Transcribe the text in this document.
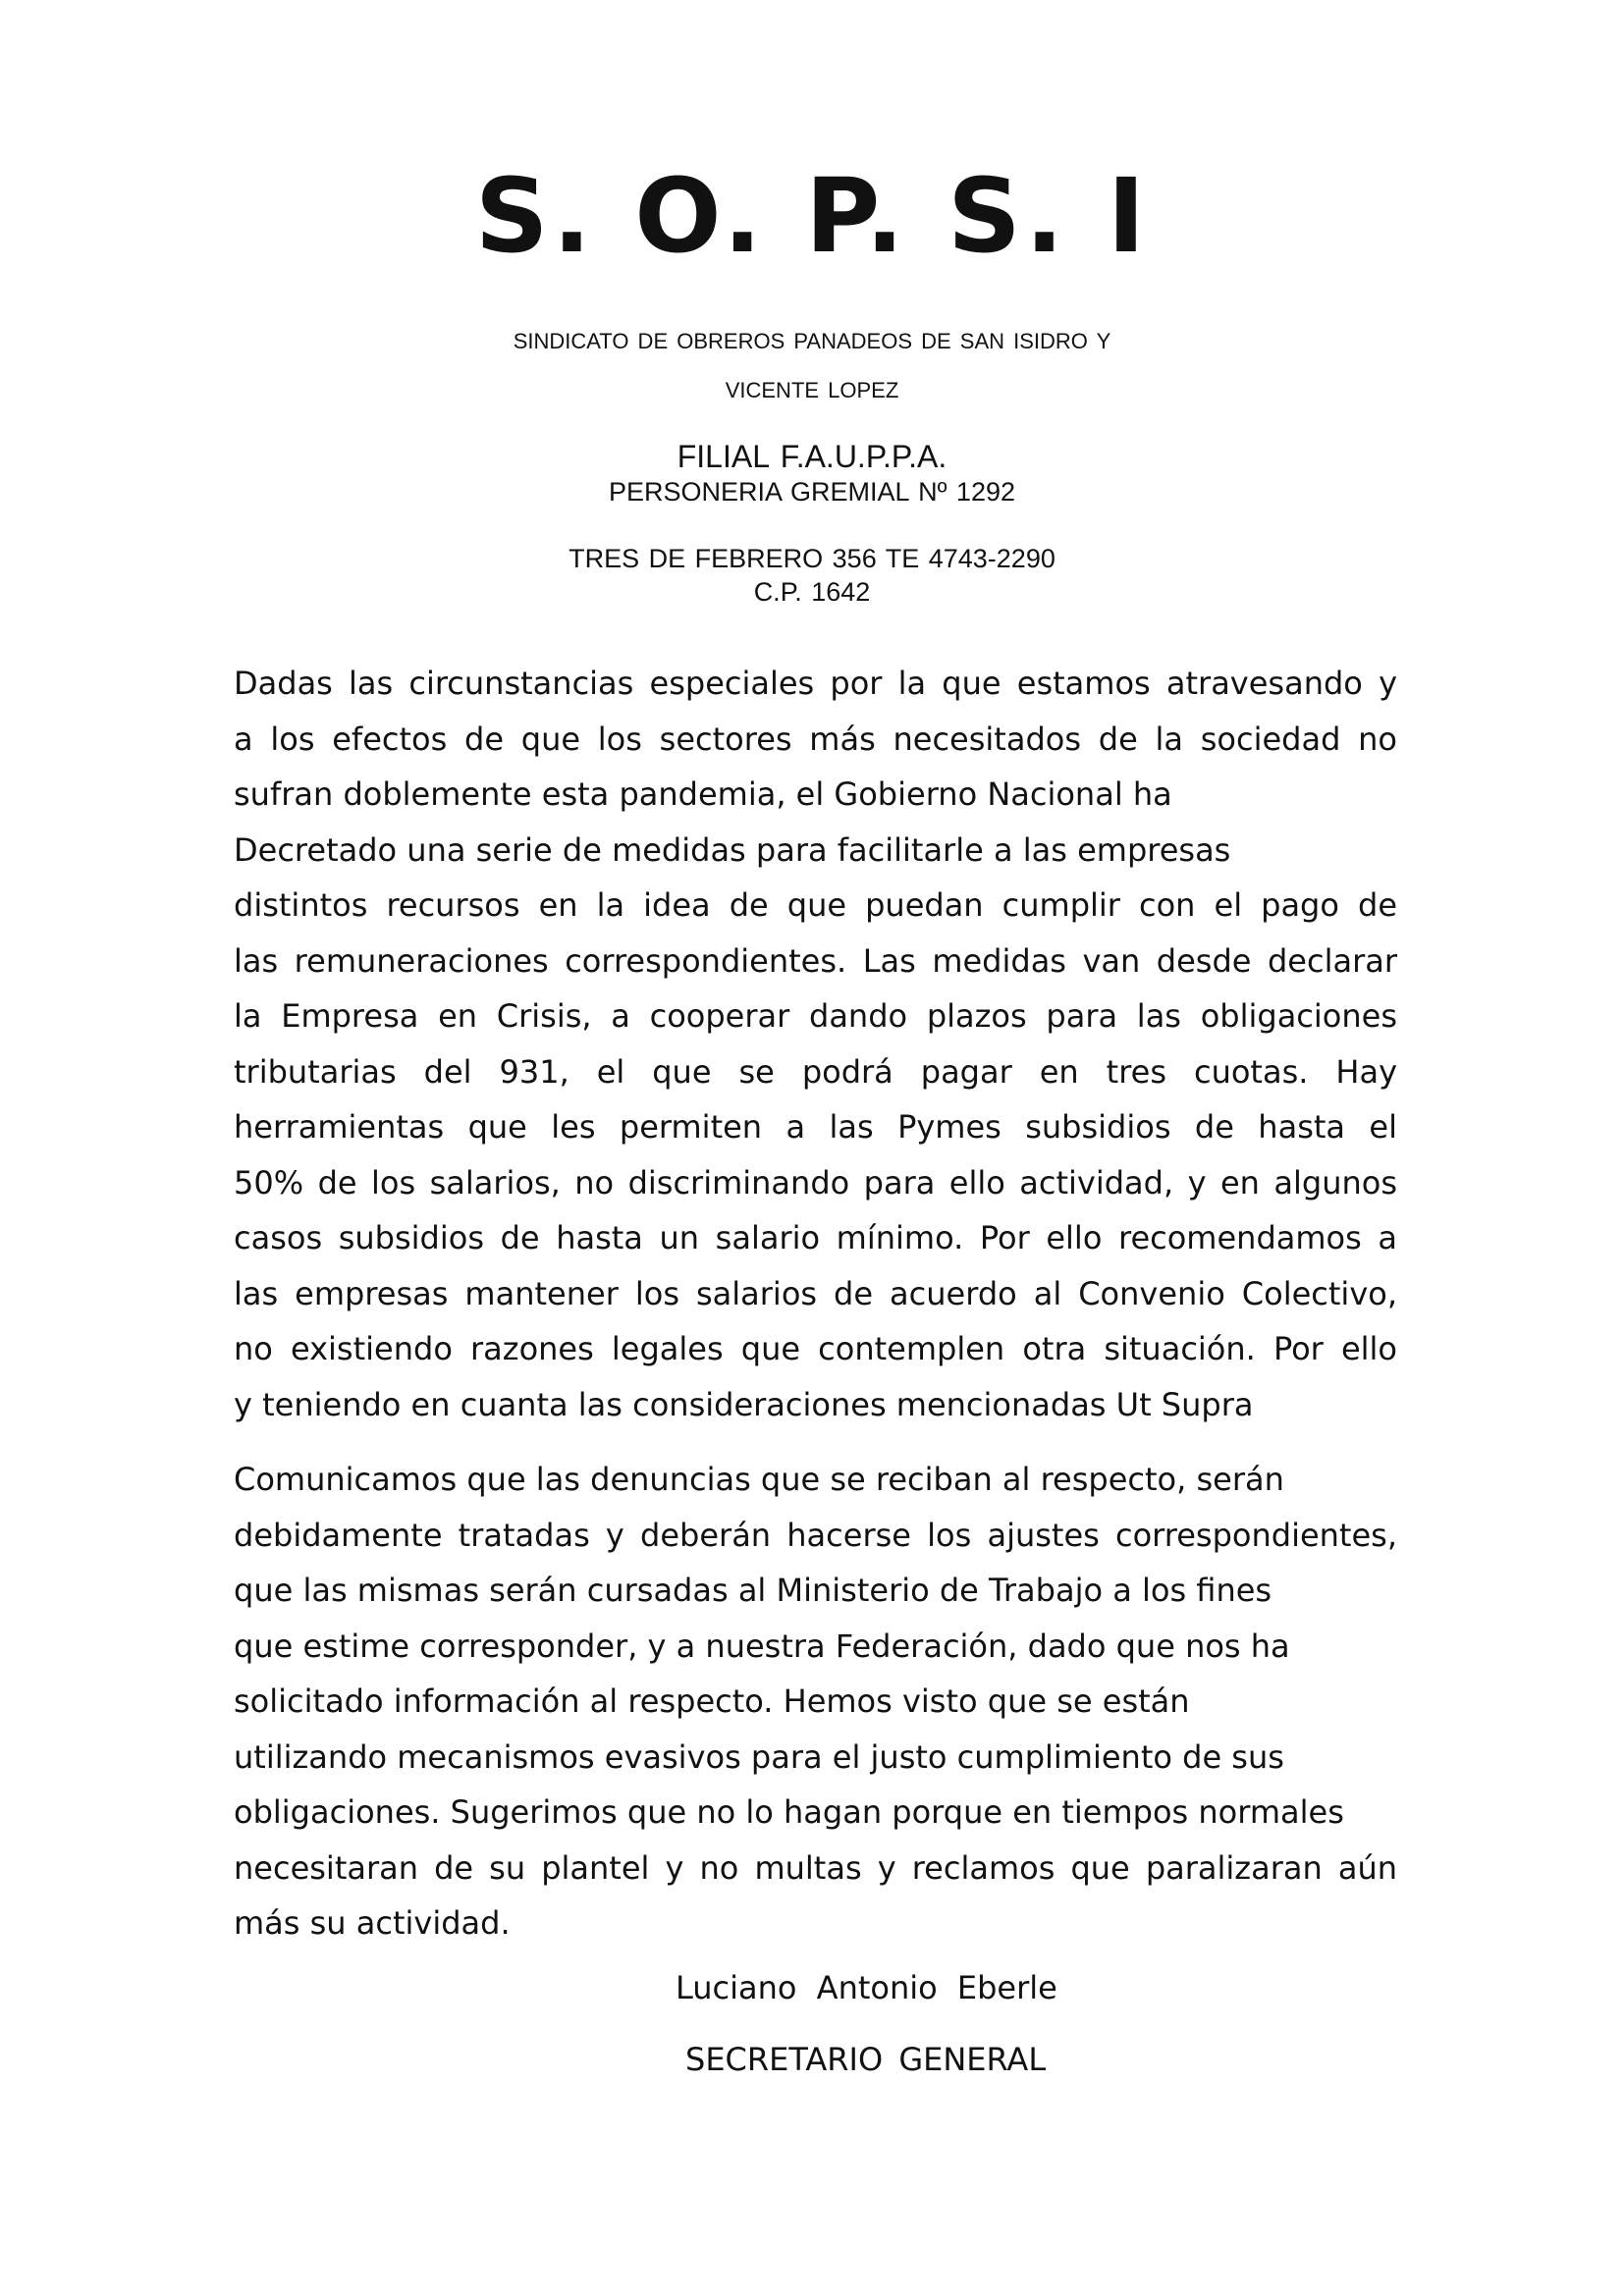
S. O. P. S. I
SINDICATO DE OBREROS PANADEOS DE SAN ISIDRO Y
VICENTE LOPEZ
FILIAL F.A.U.P.P.A.
PERSONERIA GREMIAL Nº 1292
TRES DE FEBRERO 356 TE 4743-2290
C.P. 1642
Dadas las circunstancias especiales por la que estamos atravesando y
a los efectos de que los sectores más necesitados de la sociedad no
sufran doblemente esta pandemia, el Gobierno Nacional ha
Decretado una serie de medidas para facilitarle a las empresas
distintos recursos en la idea de que puedan cumplir con el pago de
las remuneraciones correspondientes. Las medidas van desde declarar
la Empresa en Crisis, a cooperar dando plazos para las obligaciones
tributarias del 931, el que se podrá pagar en tres cuotas. Hay
herramientas que les permiten a las Pymes subsidios de hasta el
50% de los salarios, no discriminando para ello actividad, y en algunos
casos subsidios de hasta un salario mínimo. Por ello recomendamos a
las empresas mantener los salarios de acuerdo al Convenio Colectivo,
no existiendo razones legales que contemplen otra situación. Por ello
y teniendo en cuanta las consideraciones mencionadas Ut Supra
Comunicamos que las denuncias que se reciban al respecto, serán
debidamente tratadas y deberán hacerse los ajustes correspondientes,
que las mismas serán cursadas al Ministerio de Trabajo a los fines
que estime corresponder, y a nuestra Federación, dado que nos ha
solicitado información al respecto. Hemos visto que se están
utilizando mecanismos evasivos para el justo cumplimiento de sus
obligaciones. Sugerimos que no lo hagan porque en tiempos normales
necesitaran de su plantel y no multas y reclamos que paralizaran aún
más su actividad.
Luciano Antonio Eberle
SECRETARIO GENERAL
